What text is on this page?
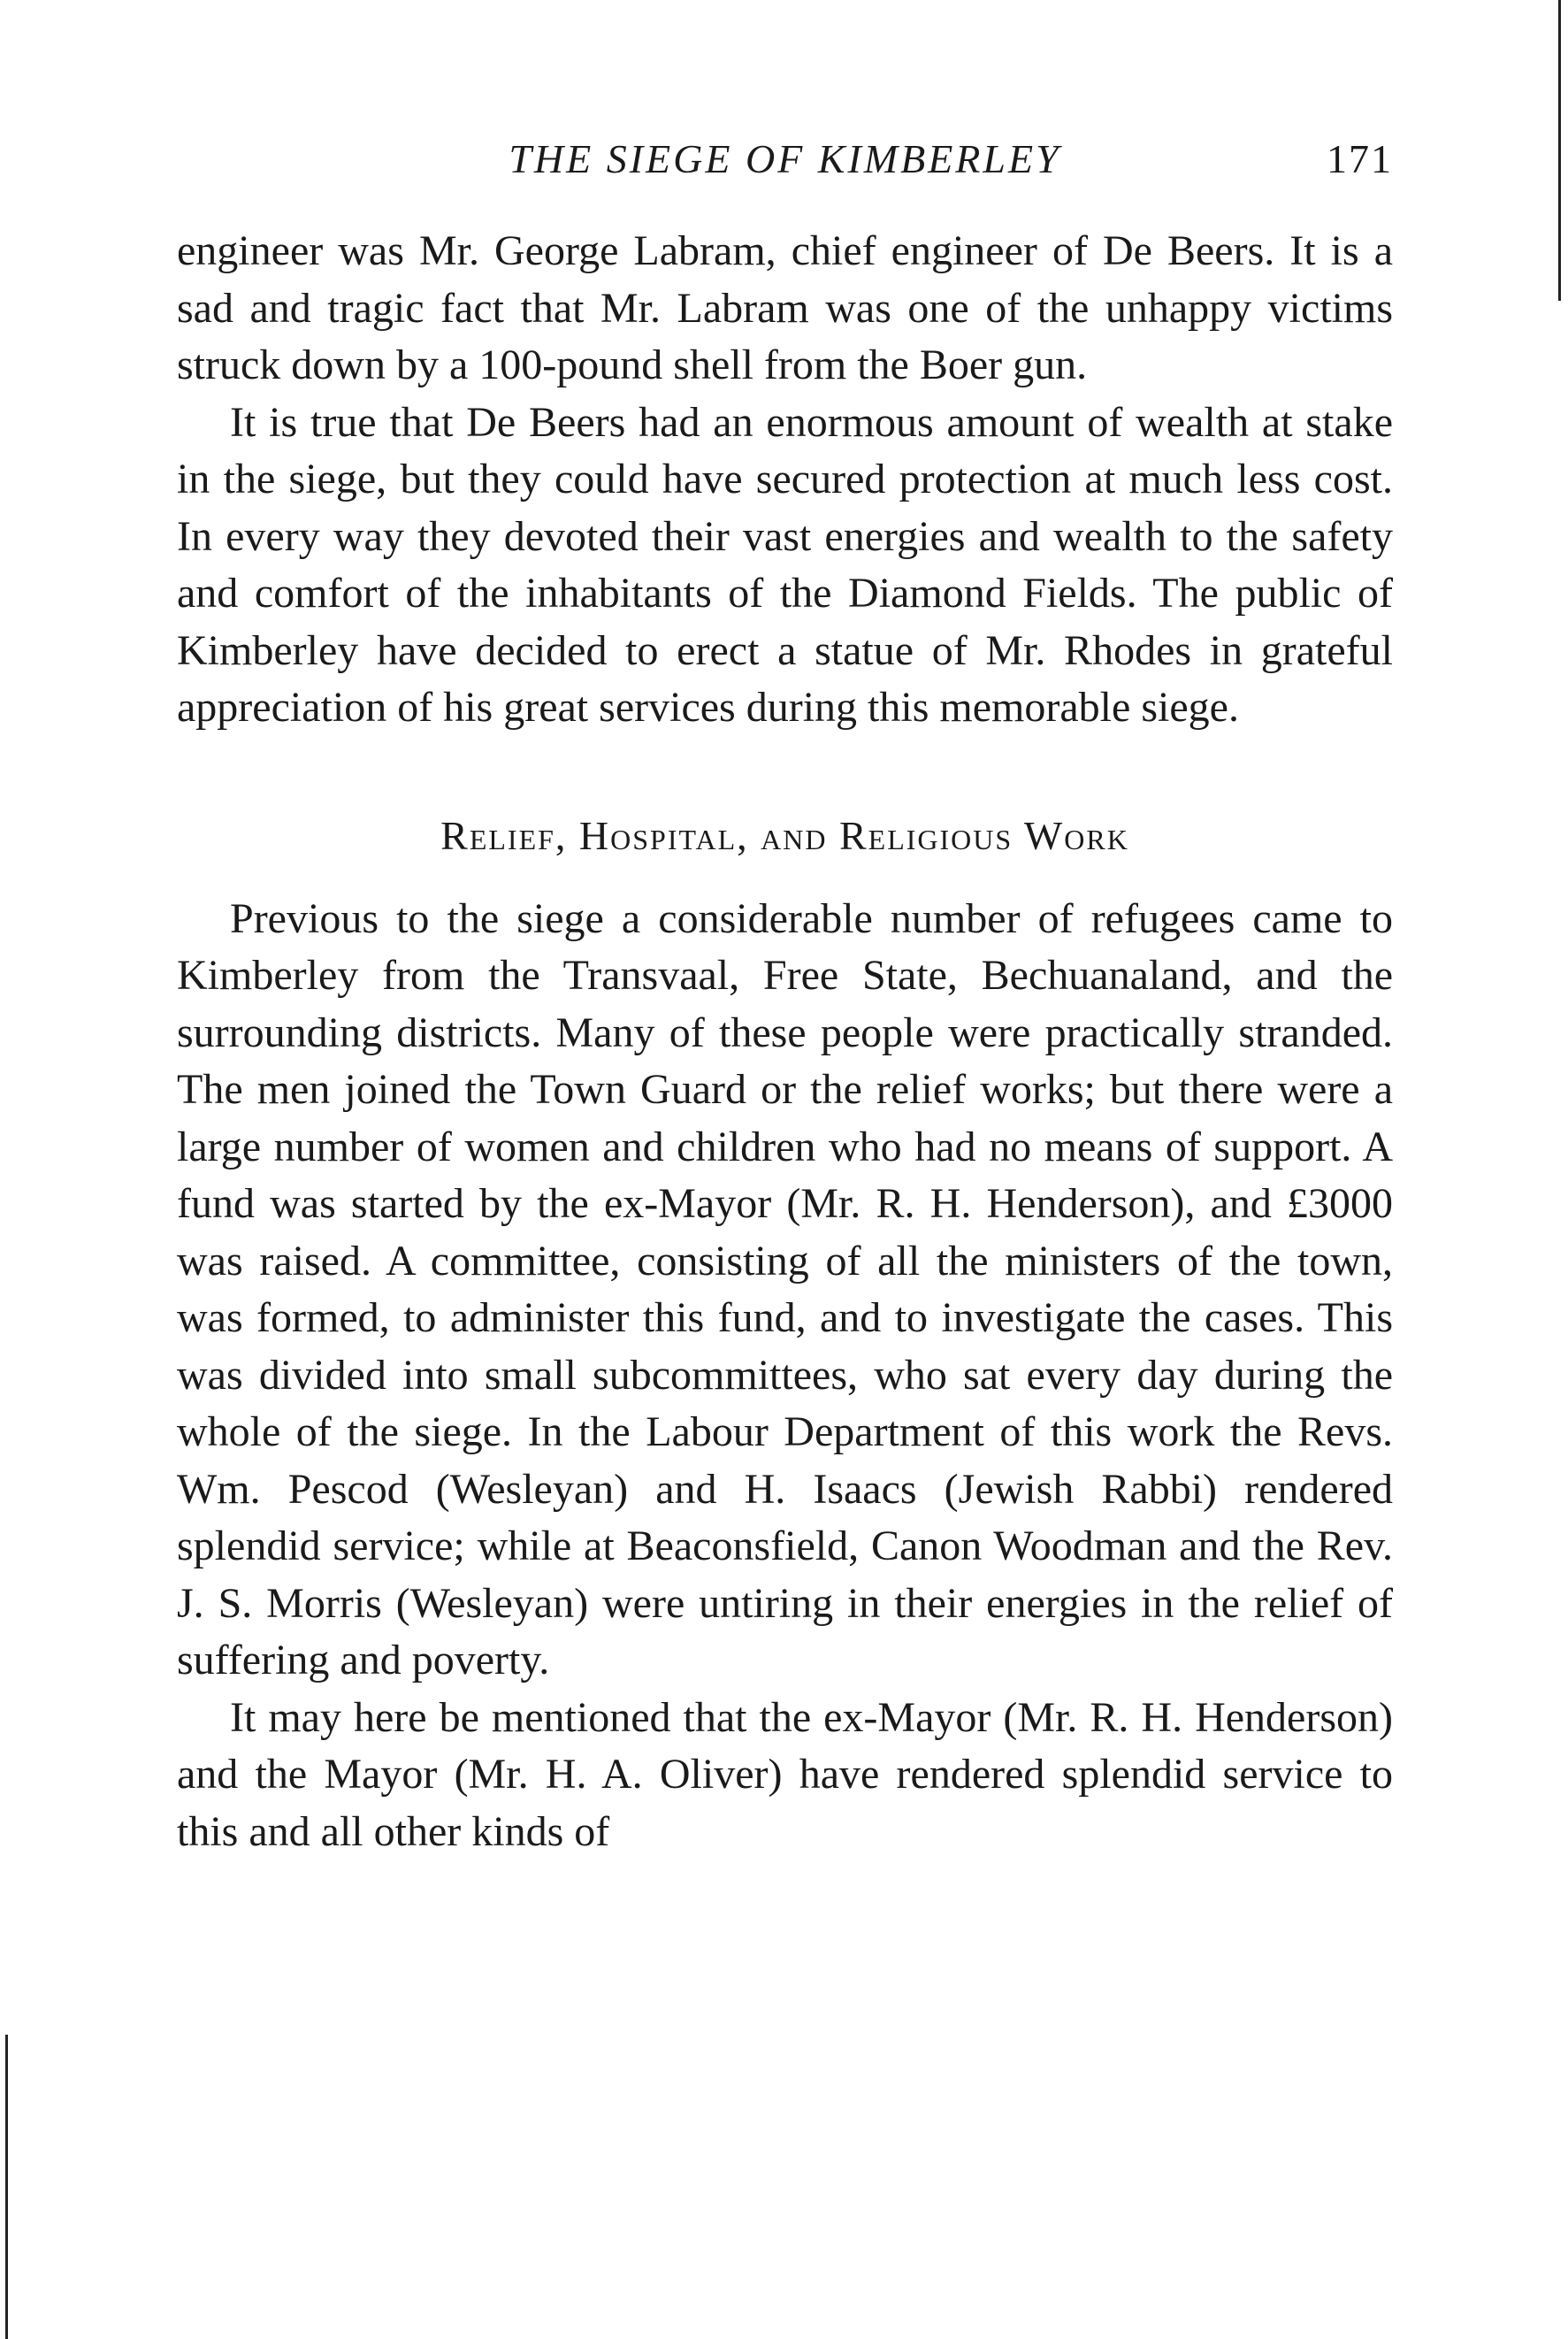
THE SIEGE OF KIMBERLEY	171

engineer was Mr. George Labram, chief engineer of De Beers. It is a sad and tragic fact that Mr. Labram was one of the unhappy victims struck down by a 100-pound shell from the Boer gun.

It is true that De Beers had an enormous amount of wealth at stake in the siege, but they could have secured protection at much less cost. In every way they devoted their vast energies and wealth to the safety and comfort of the inhabitants of the Diamond Fields. The public of Kimberley have decided to erect a statue of Mr. Rhodes in grateful appreciation of his great services during this memorable siege.

Relief, Hospital, and Religious Work

Previous to the siege a considerable number of refugees came to Kimberley from the Transvaal, Free State, Bechuanaland, and the surrounding districts. Many of these people were practically stranded. The men joined the Town Guard or the relief works; but there were a large number of women and children who had no means of support. A fund was started by the ex-Mayor (Mr. R. H. Henderson), and £3000 was raised. A committee, consisting of all the ministers of the town, was formed, to administer this fund, and to investigate the cases. This was divided into small subcommittees, who sat every day during the whole of the siege. In the Labour Department of this work the Revs. Wm. Pescod (Wesleyan) and H. Isaacs (Jewish Rabbi) rendered splendid service; while at Beaconsfield, Canon Woodman and the Rev. J. S. Morris (Wesleyan) were untiring in their energies in the relief of suffering and poverty.

It may here be mentioned that the ex-Mayor (Mr. R. H. Henderson) and the Mayor (Mr. H. A. Oliver) have rendered splendid service to this and all other kinds of
